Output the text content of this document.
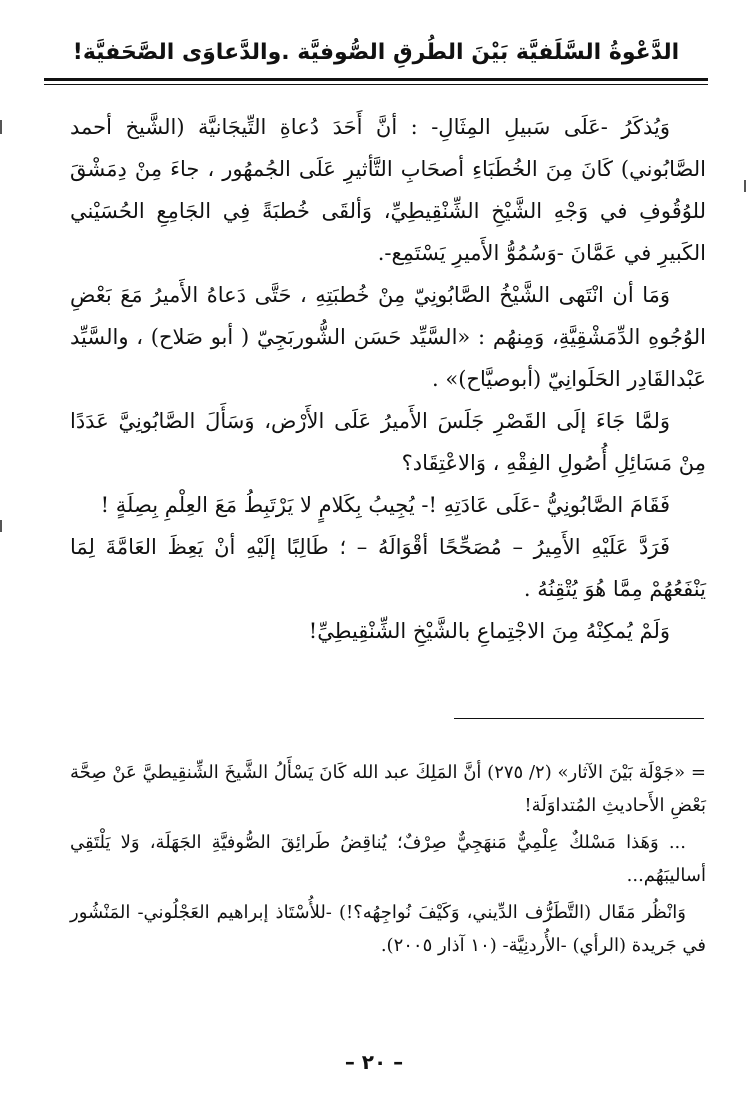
الدَّعْوةُ السَّلَفيَّة بَيْنَ الطُرقِ الصُّوفيَّة .والدَّعاوَى الصَّحَفيَّة!

وَيُذكَرُ -عَلَى سَبيلِ المِثَالِ- : أنَّ أَحَدَ دُعاةِ التِّيجَانيَّة (الشَّيخ أحمد الصَّابُوني) كَانَ مِنَ الخُطَبَاءِ أصحَابِ التَّأثيرِ عَلَى الجُمهُور ، جاءَ مِنْ دِمَشْقَ للوُقُوفِ في وَجْهِ الشَّيْخِ الشِّنْقِيطِيِّ، وَألقَى خُطبَةً فِي الجَامِعِ الحُسَيْني الكَبيرِ في عَمَّانَ -وَسُمُوُّ الأَميرِ يَسْتَمِع-.

وَمَا أن انْتَهى الشَّيْخُ الصَّابُونِيّ مِنْ خُطبَتِهِ ، حَتَّى دَعاهُ الأَميرُ مَعَ بَعْضِ الوُجُوهِ الدِّمَشْقِيَّةِ، وَمِنهُم : «السَّيِّد حَسَن الشُّوربَجِيّ ( أبو صَلاح) ، والسَّيِّد عَبْدالقَادِر الحَلَوانِيّ (أبوصيَّاح)» .

وَلمَّا جَاءَ إلَى القَصْرِ جَلَسَ الأَميرُ عَلَى الأَرْض، وَسَأَلَ الصَّابُونِيَّ عَدَدًا مِنْ مَسَائِلِ أُصُولِ الفِقْهِ ، وَالاعْتِقَاد؟

فَقَامَ الصَّابُونِيُّ -عَلَى عَادَتِهِ !- يُجِيبُ بِكَلامٍ لا يَرْتَبِطُ مَعَ العِلْمِ بِصِلَةٍ !

فَرَدَّ عَلَيْهِ الأَمِيرُ – مُصَحِّحًا أقْوَالَهُ – ؛ طَالِبًا إلَيْهِ أنْ يَعِظَ العَامَّةَ لِمَا يَنْفَعُهُمْ مِمَّا هُوَ يُتْقِنُهُ .

وَلَمْ يُمكِنْهُ مِنَ الاجْتِماعِ بالشَّيْخِ الشِّنْقِيطِيِّ!

= «جَوْلَة بَيْنَ الآثار» (٢/ ٢٧٥) أنَّ المَلِكَ عبد الله كَانَ يَسْأَلُ الشَّيخَ الشِّنقِيطيَّ عَنْ صِحَّة بَعْضِ الأَحاديثِ المُتداوَلَة!

... وَهَذا مَسْلكٌ عِلْمِيٌّ مَنهَجِيٌّ صِرْفٌ؛ يُناقِضُ طَرائِقَ الصُّوفيَّةِ الجَهَلَة، وَلا يَلْتَقِي أساليبَهُم...

وَانْظُر مَقَال (التَّطَرُّف الدِّيني، وَكَيْفَ نُواجِهُه؟!) -للأُسْتَاذ إبراهيم العَجْلُوني- المَنْشُور في جَريدة (الرأي) -الأُردنِيَّة- (١٠ آذار ٢٠٠٥).

– ٢٠ –
